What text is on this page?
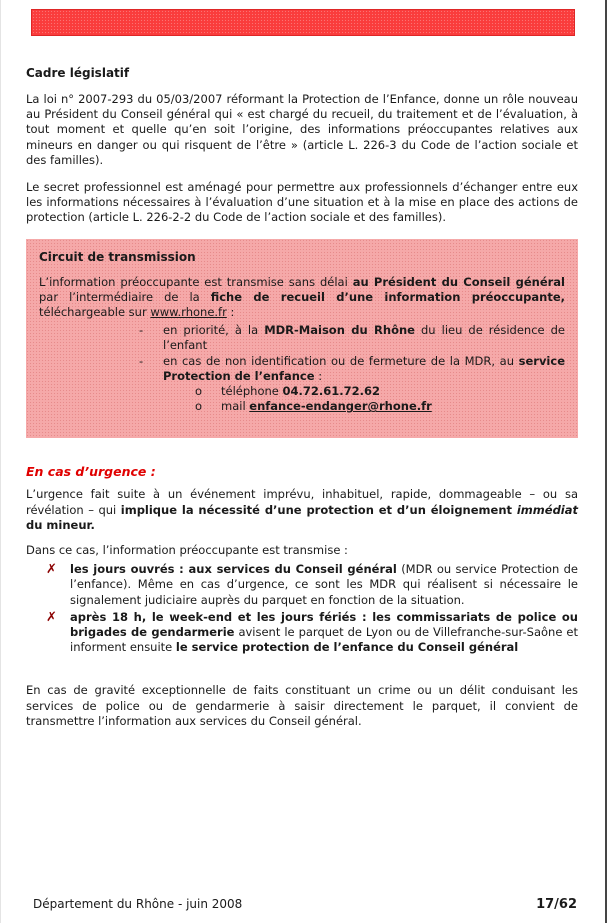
Fiche 7  Les services d’enquête : Police et Gendarmerie

Cadre législatif

La loi n° 2007-293 du 05/03/2007 réformant la Protection de l’Enfance, donne un rôle nouveau au Président du Conseil général qui « est chargé du recueil, du traitement et de l’évaluation, à tout moment et quelle qu’en soit l’origine, des informations préoccupantes relatives aux mineurs en danger ou qui risquent de l’être » (article L. 226-3 du Code de l’action sociale et des familles).

Le secret professionnel est aménagé pour permettre aux professionnels d’échanger entre eux les informations nécessaires à l’évaluation d’une situation et à la mise en place des actions de protection (article L. 226-2-2 du Code de l’action sociale et des familles).

Circuit de transmission

L’information préoccupante est transmise sans délai au Président du Conseil général par l’intermédiaire de la fiche de recueil d’une information préoccupante, téléchargeable sur www.rhone.fr :

-	en priorité, à la MDR-Maison du Rhône du lieu de résidence de l’enfant
-	en cas de non identification ou de fermeture de la MDR, au service Protection de l’enfance :
o	téléphone 04.72.61.72.62
o	mail enfance-endanger@rhone.fr
En cas d’urgence :

L’urgence fait suite à un événement imprévu, inhabituel, rapide, dommageable – ou sa révélation – qui implique la nécessité d’une protection et d’un éloignement immédiat du mineur.

Dans ce cas, l’information préoccupante est transmise :

✗	les jours ouvrés : aux services du Conseil général (MDR ou service Protection de l’enfance). Même en cas d’urgence, ce sont les MDR qui réalisent si nécessaire le signalement judiciaire auprès du parquet en fonction de la situation.
✗	après 18 h, le week-end et les jours fériés : les commissariats de police ou brigades de gendarmerie avisent le parquet de Lyon ou de Villefranche-sur-Saône et informent ensuite le service protection de l’enfance du Conseil général

En cas de gravité exceptionnelle de faits constituant un crime ou un délit conduisant les services de police ou de gendarmerie à saisir directement le parquet, il convient de transmettre l’information aux services du Conseil général.

Département du Rhône - juin 2008	17/62
